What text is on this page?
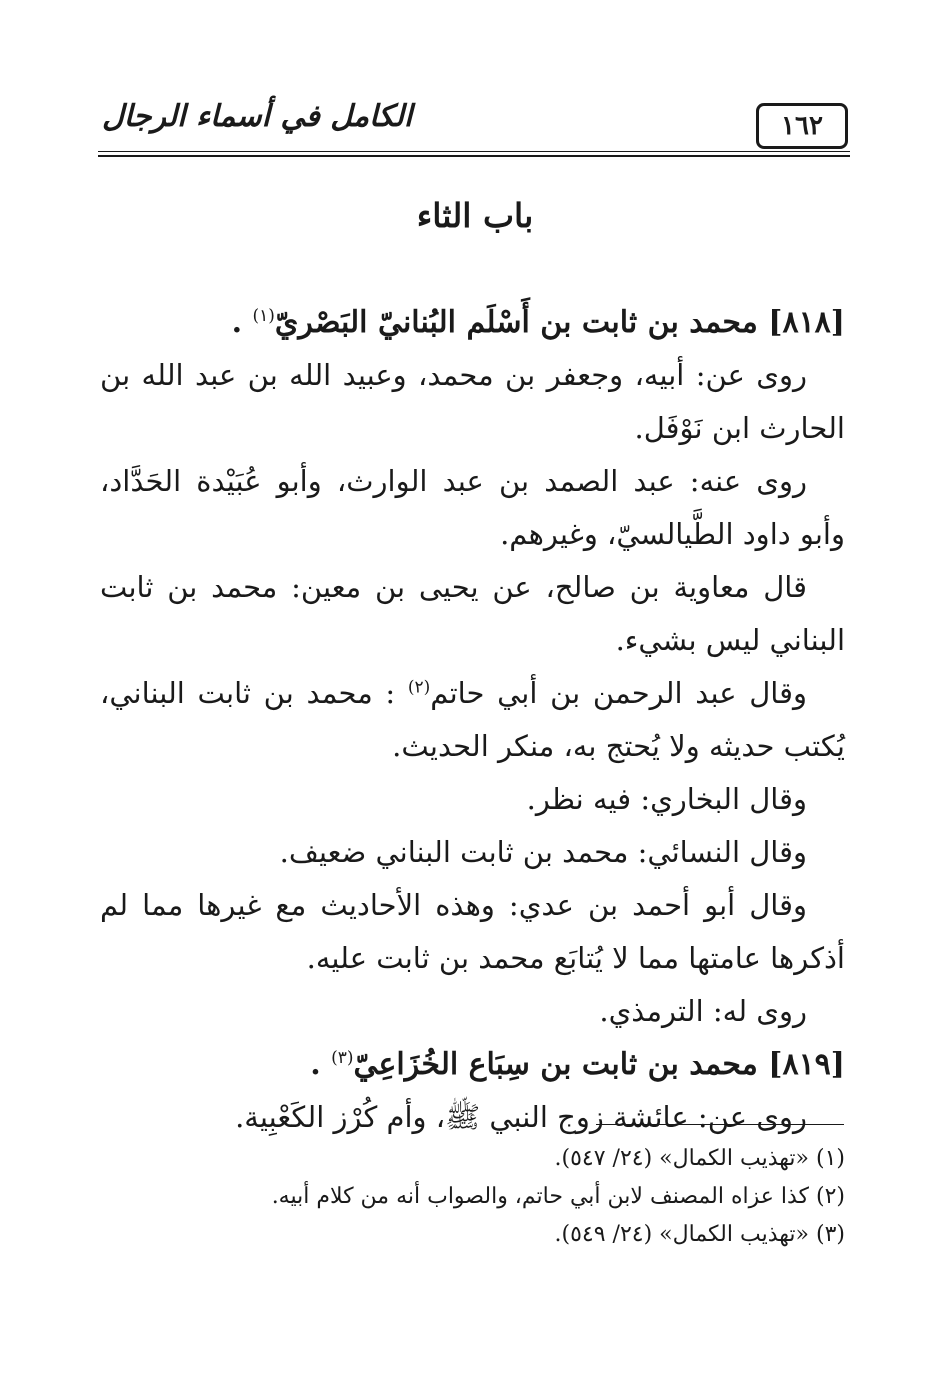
الكامل في أسماء الرجال	١٦٢
باب الثاء

[٨١٨] محمد بن ثابت بن أَسْلَم البُنانيّ البَصْريّ$^{(١)}$ .

روى عن: أبيه، وجعفر بن محمد، وعبيد الله بن عبد الله بن الحارث ابن نَوْفَل.

روى عنه: عبد الصمد بن عبد الوارث، وأبو عُبَيْدة الحَدَّاد، وأبو داود الطَّيالسيّ، وغيرهم.

قال معاوية بن صالح، عن يحيى بن معين: محمد بن ثابت البناني ليس بشيء.

وقال عبد الرحمن بن أبي حاتم$^{(٢)}$ : محمد بن ثابت البناني، يُكتب حديثه ولا يُحتج به، منكر الحديث.

وقال البخاري: فيه نظر.

وقال النسائي: محمد بن ثابت البناني ضعيف.

وقال أبو أحمد بن عدي: وهذه الأحاديث مع غيرها مما لم أذكرها عامتها مما لا يُتابَع محمد بن ثابت عليه.

روى له: الترمذي.

[٨١٩] محمد بن ثابت بن سِبَاع الخُزَاعِيّ$^{(٣)}$ .

روى عن: عائشة زوج النبي ﷺ، وأم كُرْز الكَعْبِية.

(١) «تهذيب الكمال» (٢٤/ ٥٤٧).

(٢) كذا عزاه المصنف لابن أبي حاتم، والصواب أنه من كلام أبيه.

(٣) «تهذيب الكمال» (٢٤/ ٥٤٩).
